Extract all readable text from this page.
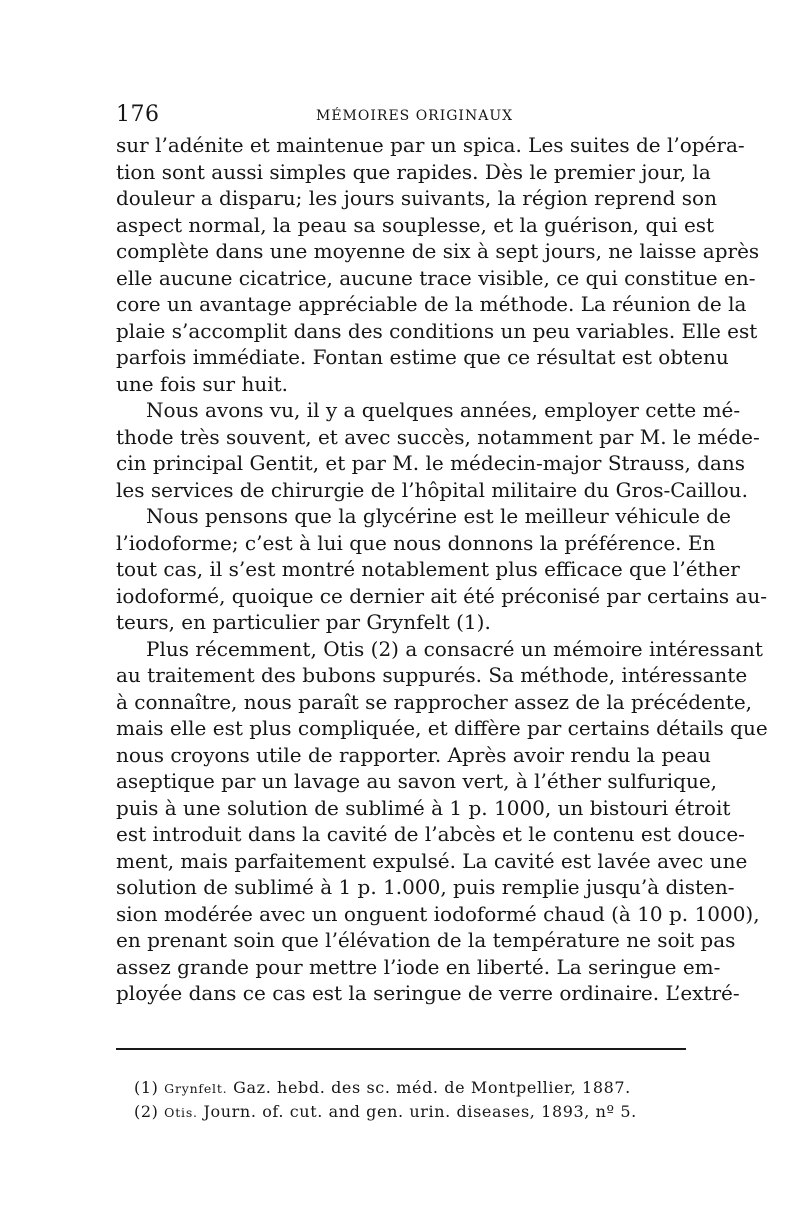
176	MÉMOIRES ORIGINAUX
sur l’adénite et maintenue par un spica. Les suites de l’opéra-
tion sont aussi simples que rapides. Dès le premier jour, la
douleur a disparu; les jours suivants, la région reprend son
aspect normal, la peau sa souplesse, et la guérison, qui est
complète dans une moyenne de six à sept jours, ne laisse après
elle aucune cicatrice, aucune trace visible, ce qui constitue en-
core un avantage appréciable de la méthode. La réunion de la
plaie s’accomplit dans des conditions un peu variables. Elle est
parfois immédiate. Fontan estime que ce résultat est obtenu
une fois sur huit.
Nous avons vu, il y a quelques années, employer cette mé-
thode très souvent, et avec succès, notamment par M. le méde-
cin principal Gentit, et par M. le médecin-major Strauss, dans
les services de chirurgie de l’hôpital militaire du Gros-Caillou.
Nous pensons que la glycérine est le meilleur véhicule de
l’iodoforme; c’est à lui que nous donnons la préférence. En
tout cas, il s’est montré notablement plus efficace que l’éther
iodoformé, quoique ce dernier ait été préconisé par certains au-
teurs, en particulier par Grynfelt (1).
Plus récemment, Otis (2) a consacré un mémoire intéressant
au traitement des bubons suppurés. Sa méthode, intéressante
à connaître, nous paraît se rapprocher assez de la précédente,
mais elle est plus compliquée, et diffère par certains détails que
nous croyons utile de rapporter. Après avoir rendu la peau
aseptique par un lavage au savon vert, à l’éther sulfurique,
puis à une solution de sublimé à 1 p. 1000, un bistouri étroit
est introduit dans la cavité de l’abcès et le contenu est douce-
ment, mais parfaitement expulsé. La cavité est lavée avec une
solution de sublimé à 1 p. 1.000, puis remplie jusqu’à disten-
sion modérée avec un onguent iodoformé chaud (à 10 p. 1000),
en prenant soin que l’élévation de la température ne soit pas
assez grande pour mettre l’iode en liberté. La seringue em-
ployée dans ce cas est la seringue de verre ordinaire. L’extré-
(1) Grynfelt. Gaz. hebd. des sc. méd. de Montpellier, 1887.
(2) Otis. Journ. of. cut. and gen. urin. diseases, 1893, nº 5.
